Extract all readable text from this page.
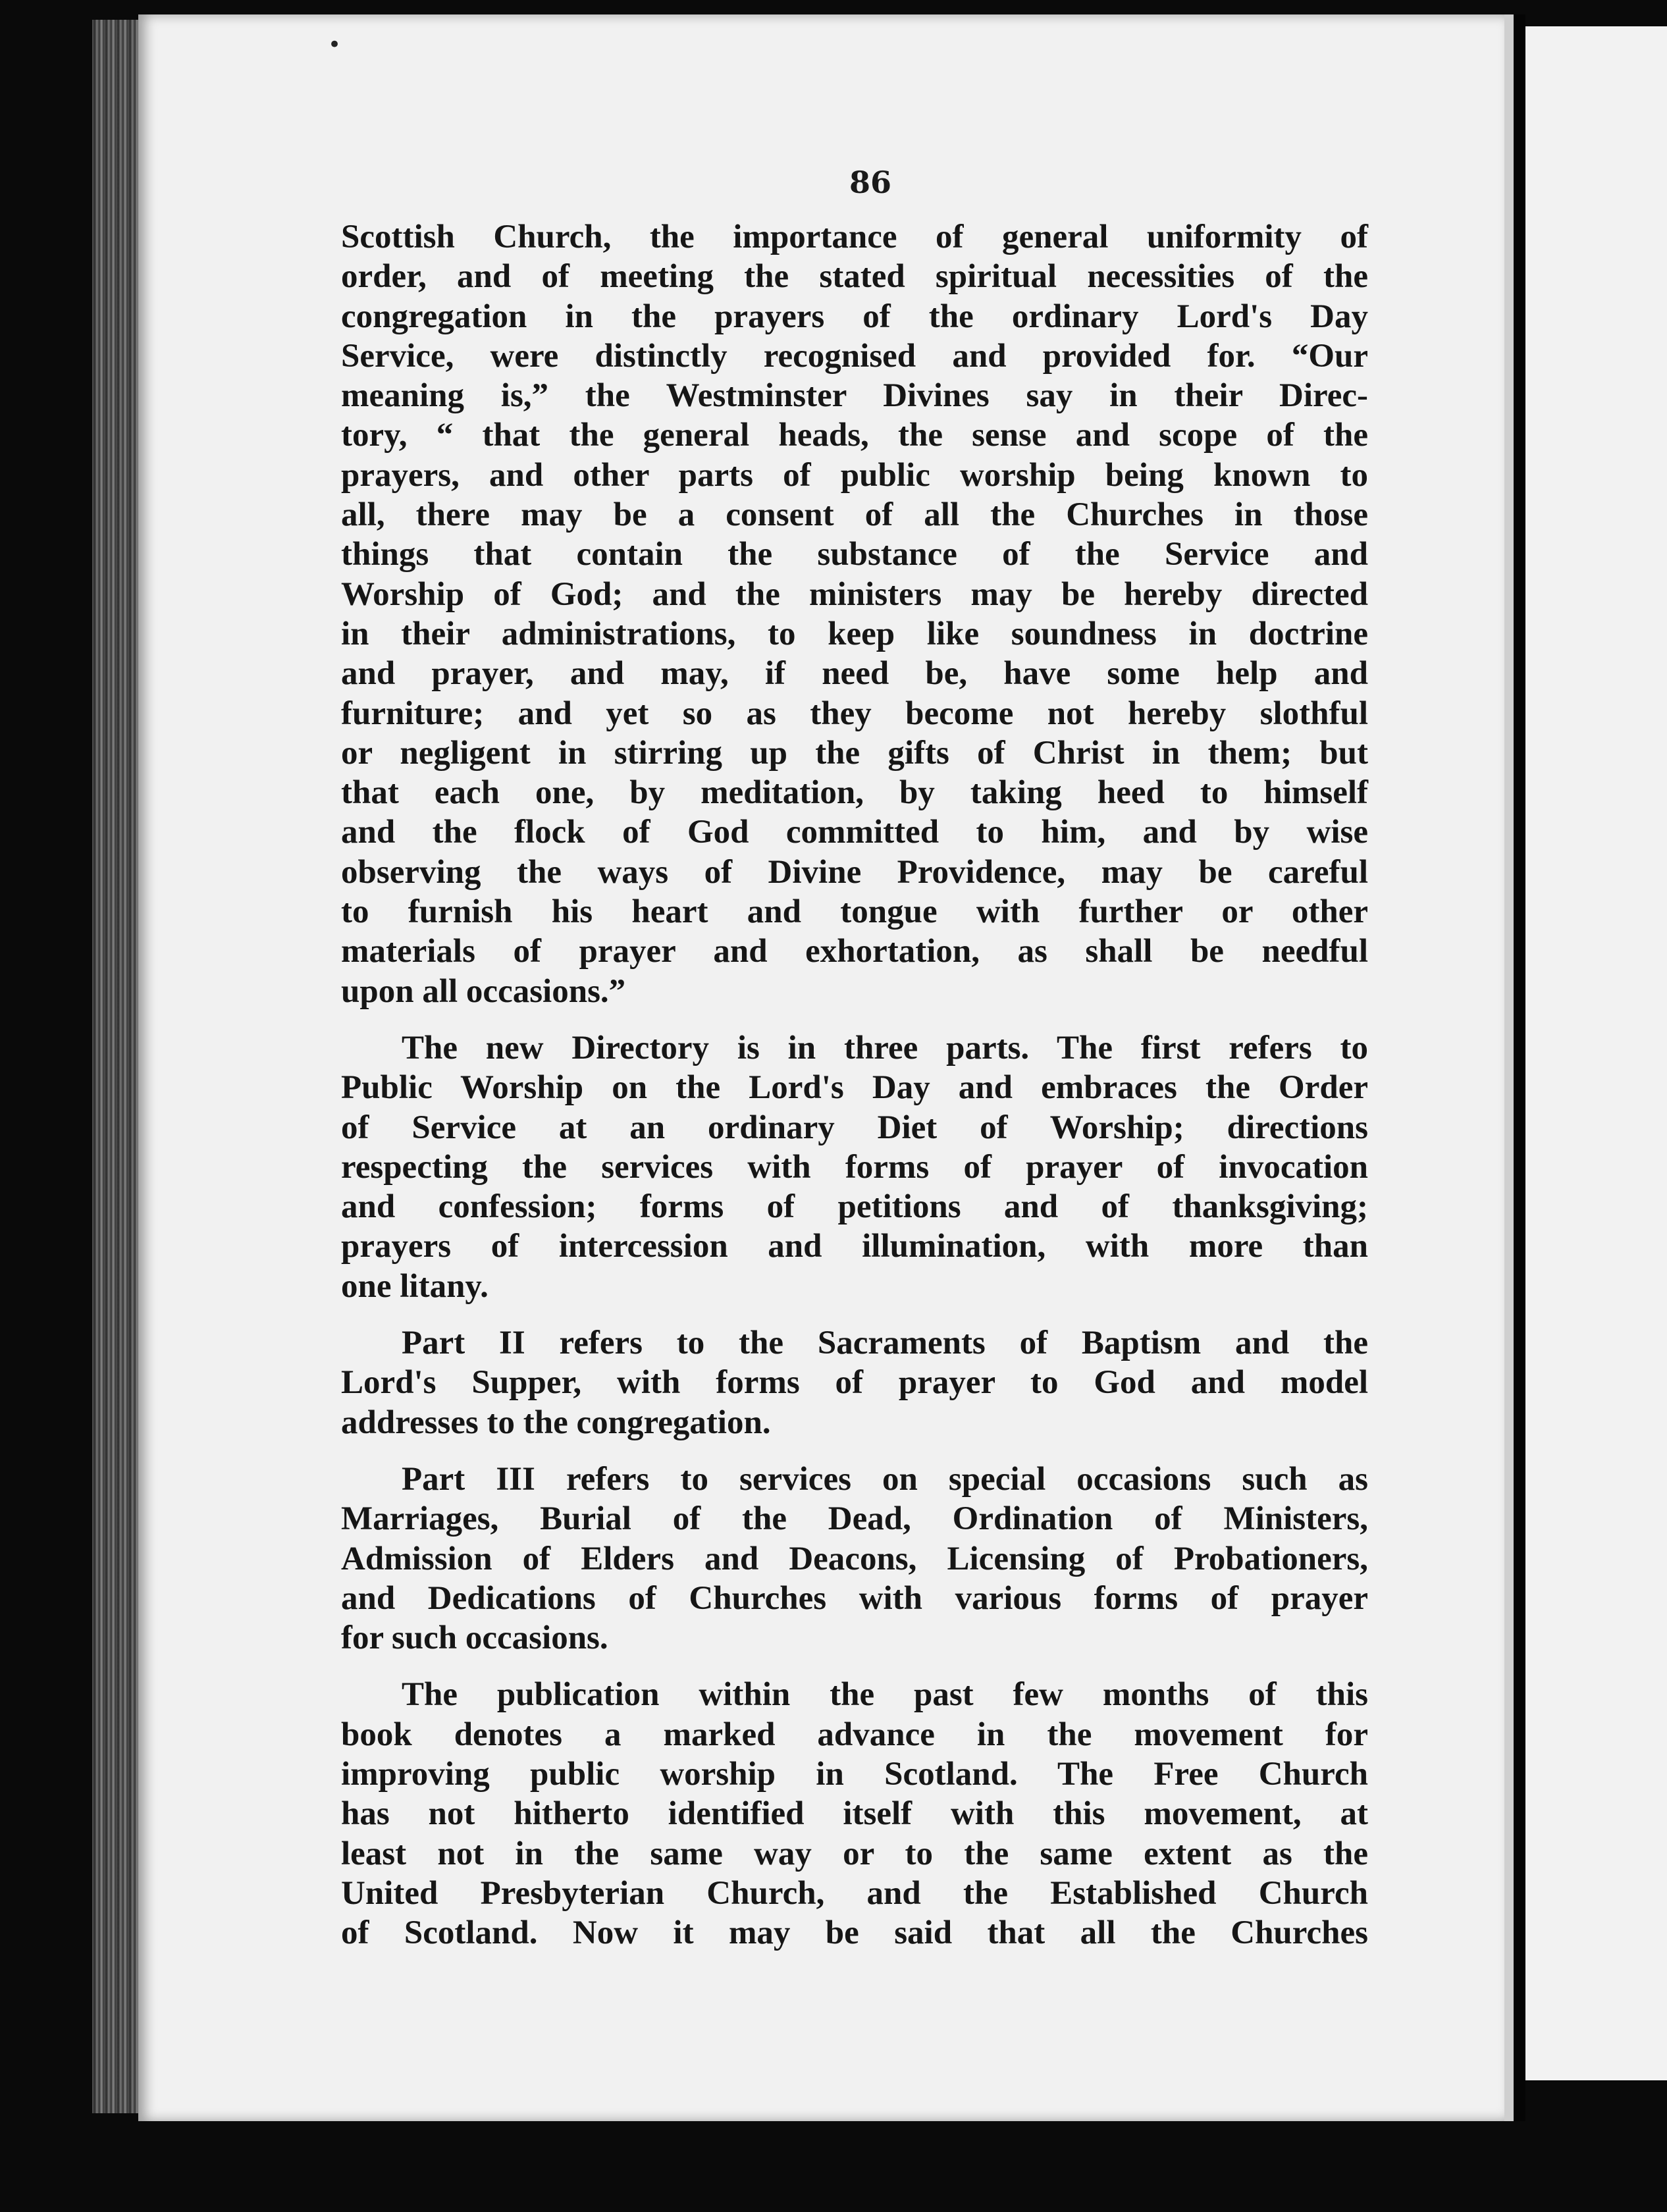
•
86
Scottish Church, the importance of general uniformity of
order, and of meeting the stated spiritual necessities of the
congregation in the prayers of the ordinary Lord's Day
Service, were distinctly recognised and provided for. “Our
meaning is,” the Westminster Divines say in their Direc-
tory, “ that the general heads, the sense and scope of the
prayers, and other parts of public worship being known to
all, there may be a consent of all the Churches in those
things that contain the substance of the Service and
Worship of God; and the ministers may be hereby directed
in their administrations, to keep like soundness in doctrine
and prayer, and may, if need be, have some help and
furniture; and yet so as they become not hereby slothful
or negligent in stirring up the gifts of Christ in them; but
that each one, by meditation, by taking heed to himself
and the flock of God committed to him, and by wise
observing the ways of Divine Providence, may be careful
to furnish his heart and tongue with further or other
materials of prayer and exhortation, as shall be needful
upon all occasions.”
The new Directory is in three parts. The first refers to
Public Worship on the Lord's Day and embraces the Order
of Service at an ordinary Diet of Worship; directions
respecting the services with forms of prayer of invocation
and confession; forms of petitions and of thanksgiving;
prayers of intercession and illumination, with more than
one litany.
Part II refers to the Sacraments of Baptism and the
Lord's Supper, with forms of prayer to God and model
addresses to the congregation.
Part III refers to services on special occasions such as
Marriages, Burial of the Dead, Ordination of Ministers,
Admission of Elders and Deacons, Licensing of Probationers,
and Dedications of Churches with various forms of prayer
for such occasions.
The publication within the past few months of this
book denotes a marked advance in the movement for
improving public worship in Scotland. The Free Church
has not hitherto identified itself with this movement, at
least not in the same way or to the same extent as the
United Presbyterian Church, and the Established Church
of Scotland. Now it may be said that all the Churches
